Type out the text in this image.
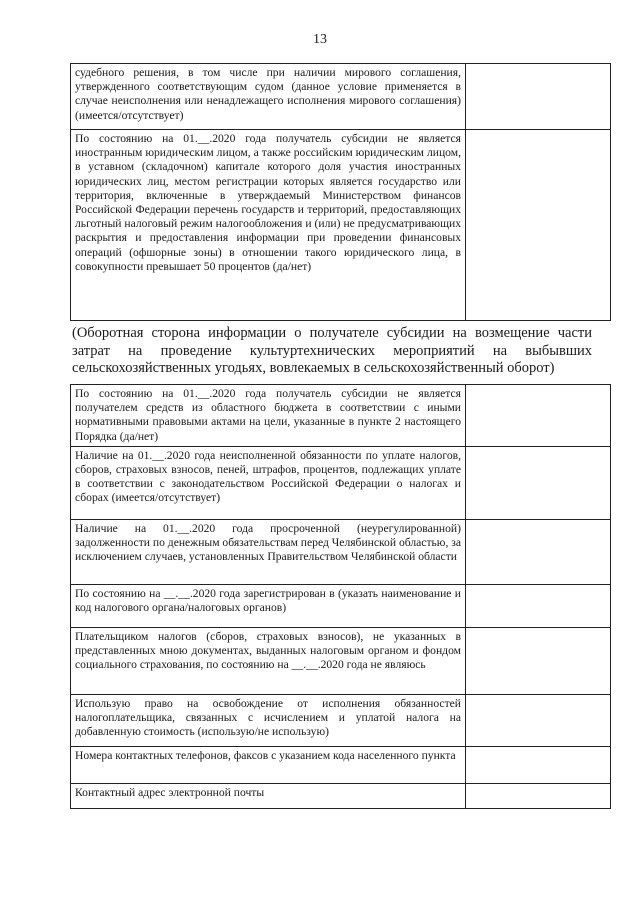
13
судебного решения, в том числе при наличии мирового соглашения, утвержденного соответствующим судом (данное условие применяется в случае неисполнения или ненадлежащего исполнения мирового соглашения) (имеется/отсутствует)	
По состоянию на 01.__.2020 года получатель субсидии не является иностранным юридическим лицом, а также российским юридическим лицом, в уставном (складочном) капитале которого доля участия иностранных юридических лиц, местом регистрации которых является государство или территория, включенные в утверждаемый Министерством финансов Российской Федерации перечень государств и территорий, предоставляющих льготный налоговый режим налогообложения и (или) не предусматривающих раскрытия и предоставления информации при проведении финансовых операций (офшорные зоны) в отношении такого юридического лица, в совокупности превышает 50 процентов (да/нет)	
(Оборотная сторона информации о получателе субсидии на возмещение части затрат на проведение культуртехнических мероприятий на выбывших сельскохозяйственных угодьях, вовлекаемых в сельскохозяйственный оборот)
По состоянию на 01.__.2020 года получатель субсидии не является получателем средств из областного бюджета в соответствии с иными нормативными правовыми актами на цели, указанные в пункте 2 настоящего Порядка (да/нет)	
Наличие на 01.__.2020 года неисполненной обязанности по уплате налогов, сборов, страховых взносов, пеней, штрафов, процентов, подлежащих уплате в соответствии с законодательством Российской Федерации о налогах и сборах (имеется/отсутствует)	
Наличие на 01.__.2020 года просроченной (неурегулированной) задолженности по денежным обязательствам перед Челябинской областью, за исключением случаев, установленных Правительством Челябинской области	
По состоянию на __.__.2020 года зарегистрирован в (указать наименование и код налогового органа/налоговых органов)	
Плательщиком налогов (сборов, страховых взносов), не указанных в представленных мною документах, выданных налоговым органом и фондом социального страхования, по состоянию на __.__.2020 года не являюсь	
Использую право на освобождение от исполнения обязанностей налогоплательщика, связанных с исчислением и уплатой налога на добавленную стоимость (использую/не использую)	
Номера контактных телефонов, факсов с указанием кода населенного пункта	
Контактный адрес электронной почты	
